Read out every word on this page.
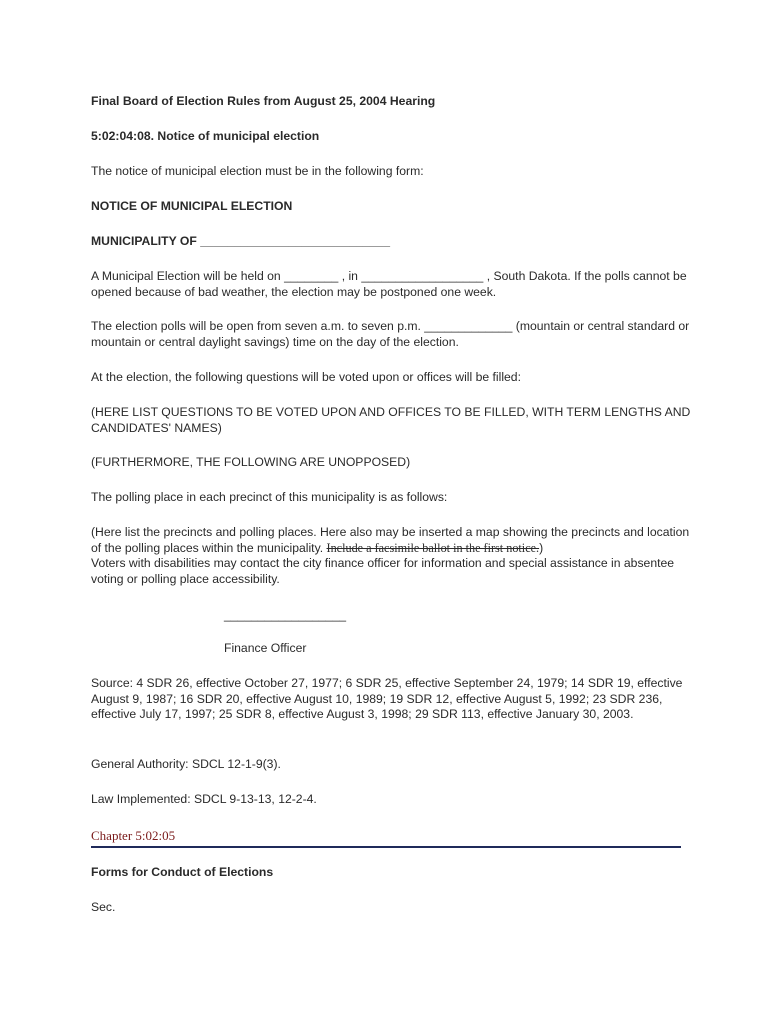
Final Board of Election Rules from August 25, 2004 Hearing

5:02:04:08. Notice of municipal election

The notice of municipal election must be in the following form:

NOTICE OF MUNICIPAL ELECTION

MUNICIPALITY OF ____________________________

A Municipal Election will be held on ________ , in __________________ , South Dakota. If the polls cannot be opened because of bad weather, the election may be postponed one week.

The election polls will be open from seven a.m. to seven p.m. _____________ (mountain or central standard or mountain or central daylight savings) time on the day of the election.

At the election, the following questions will be voted upon or offices will be filled:

(HERE LIST QUESTIONS TO BE VOTED UPON AND OFFICES TO BE FILLED, WITH TERM LENGTHS AND CANDIDATES' NAMES)

(FURTHERMORE, THE FOLLOWING ARE UNOPPOSED)

The polling place in each precinct of this municipality is as follows:

(Here list the precincts and polling places. Here also may be inserted a map showing the precincts and location of the polling places within the municipality. Include a facsimile ballot in the first notice.)
Voters with disabilities may contact the city finance officer for information and special assistance in absentee voting or polling place accessibility.

__________________

Finance Officer

Source: 4 SDR 26, effective October 27, 1977; 6 SDR 25, effective September 24, 1979; 14 SDR 19, effective August 9, 1987; 16 SDR 20, effective August 10, 1989; 19 SDR 12, effective August 5, 1992; 23 SDR 236, effective July 17, 1997; 25 SDR 8, effective August 3, 1998; 29 SDR 113, effective January 30, 2003.

General Authority: SDCL 12-1-9(3).

Law Implemented: SDCL 9-13-13, 12-2-4.

Chapter 5:02:05

Forms for Conduct of Elections

Sec.
